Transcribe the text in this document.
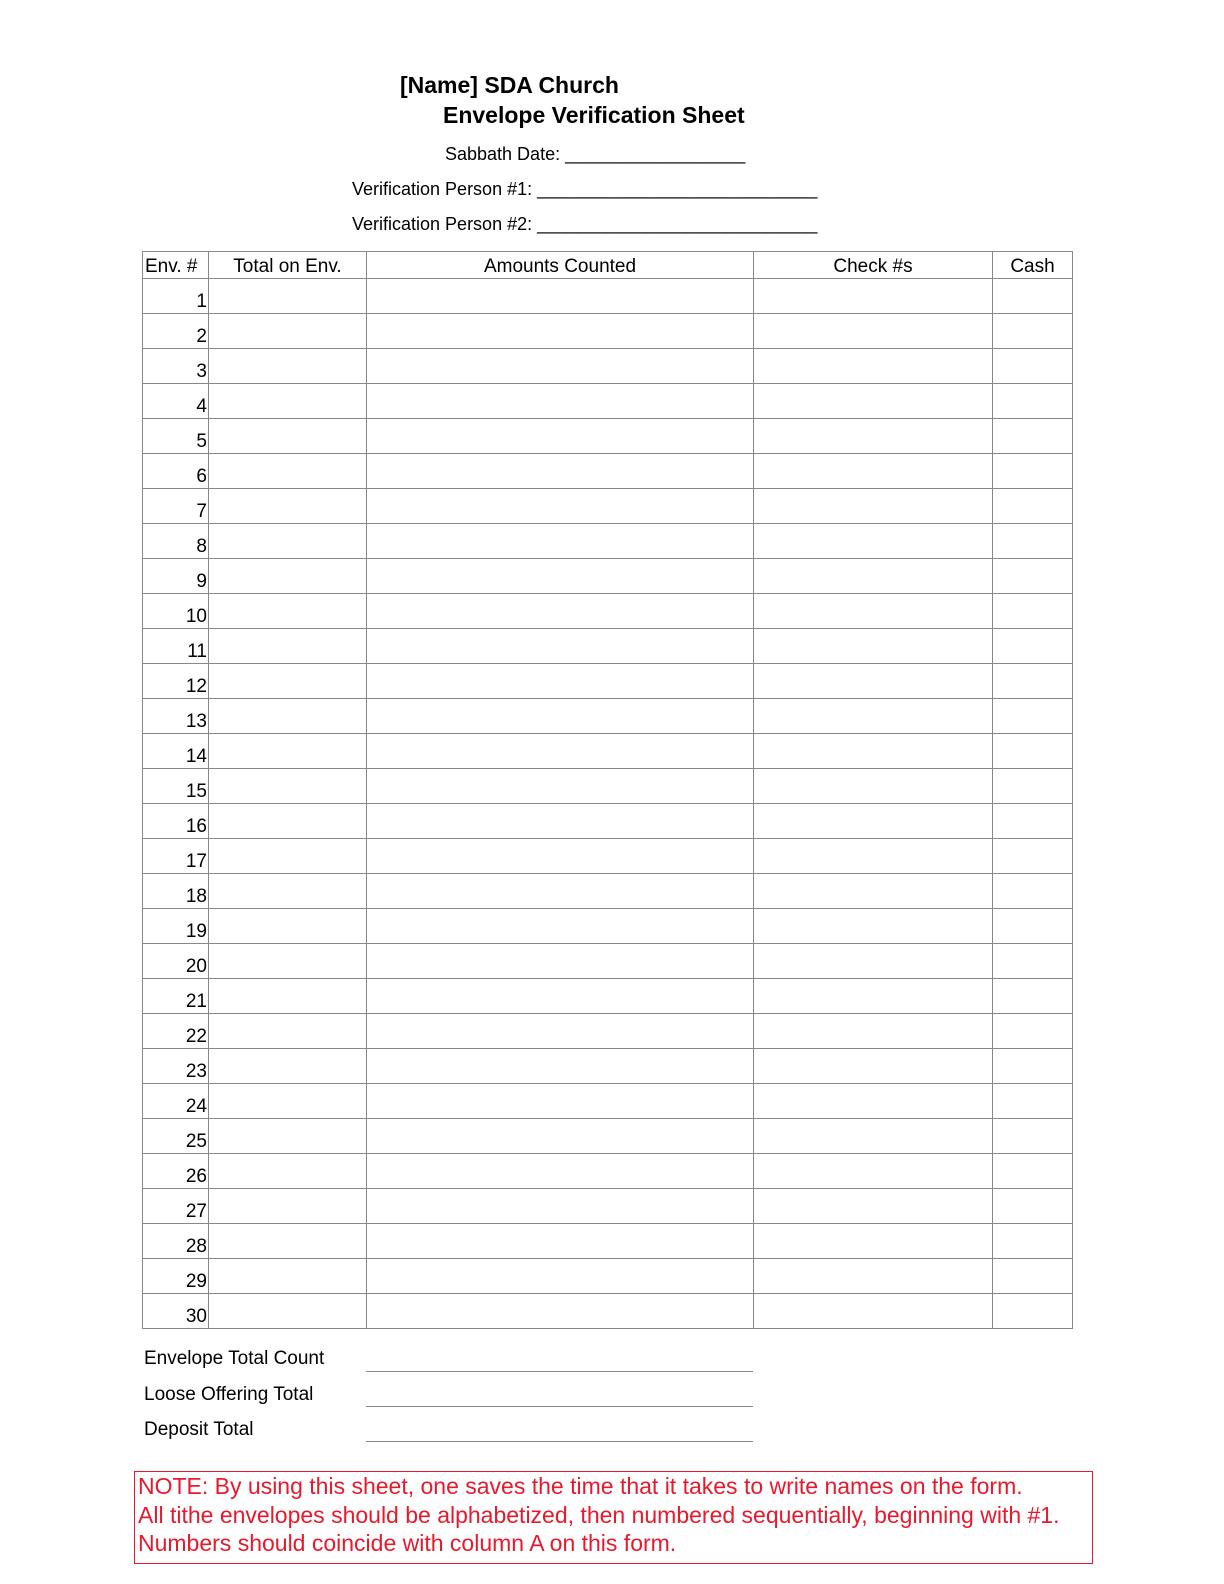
[Name] SDA Church
Envelope Verification Sheet
Sabbath Date: __________________
Verification Person #1: ____________________________
Verification Person #2: ____________________________
Env. #	Total on Env.	Amounts Counted	Check #s	Cash
1				
2				
3				
4				
5				
6				
7				
8				
9				
10				
11				
12				
13				
14				
15				
16				
17				
18				
19				
20				
21				
22				
23				
24				
25				
26				
27				
28				
29				
30				
Envelope Total Count
Loose Offering Total
Deposit Total
NOTE: By using this sheet, one saves the time that it takes to write names on the form.
All tithe envelopes should be alphabetized, then numbered sequentially, beginning with #1.
Numbers should coincide with column A on this form.
